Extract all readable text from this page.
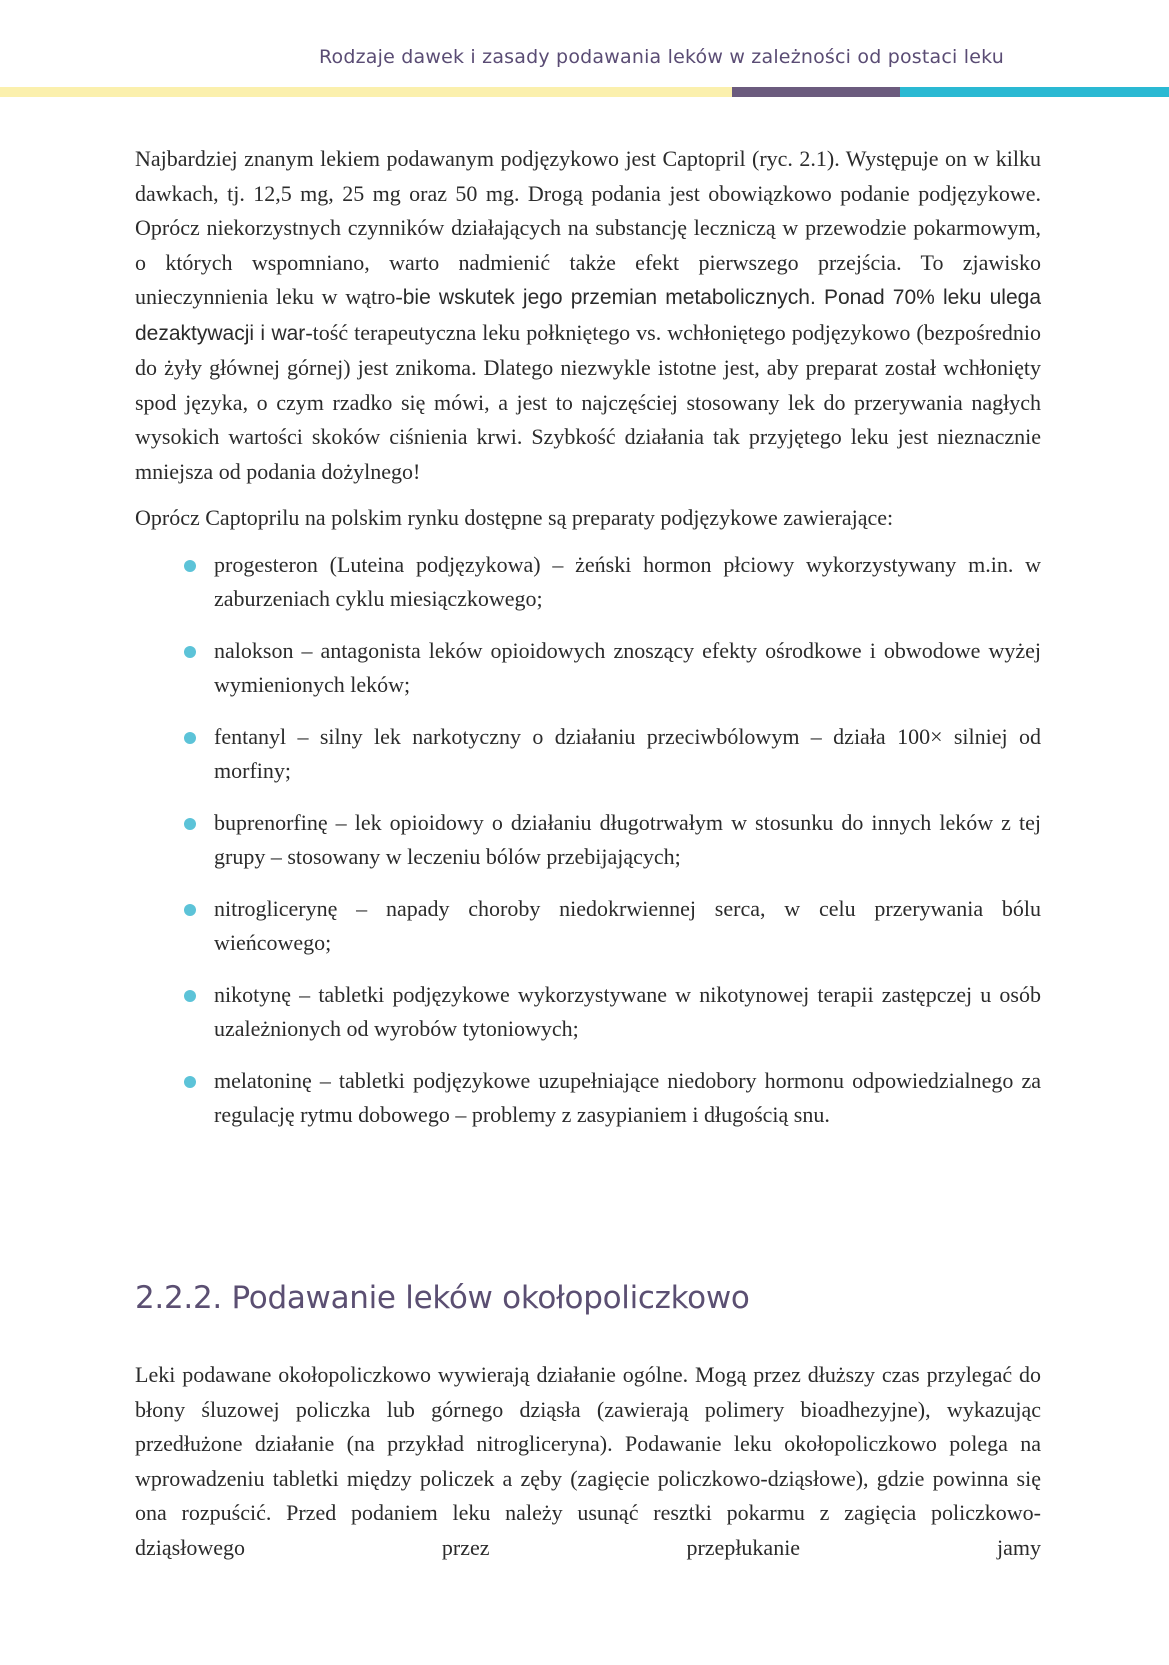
Rodzaje dawek i zasady podawania leków w zależności od postaci leku

Najbardziej znanym lekiem podawanym podjęzykowo jest Captopril (ryc. 2.1). Występuje on w kilku dawkach, tj. 12,5 mg, 25 mg oraz 50 mg. Drogą podania jest obowiązkowo podanie podjęzykowe. Oprócz niekorzystnych czynników działających na substancję leczniczą w przewodzie pokarmowym, o których wspomniano, warto nadmienić także efekt pierwszego przejścia. To zjawisko unieczynnienia leku w wątro-bie wskutek jego przemian metabolicznych. Ponad 70% leku ulega dezaktywacji i war-tość terapeutyczna leku połkniętego vs. wchłoniętego podjęzykowo (bezpośrednio do żyły głównej górnej) jest znikoma. Dlatego niezwykle istotne jest, aby preparat został wchłonięty spod języka, o czym rzadko się mówi, a jest to najczęściej stosowany lek do przerywania nagłych wysokich wartości skoków ciśnienia krwi. Szybkość działania tak przyjętego leku jest nieznacznie mniejsza od podania dożylnego!

Oprócz Captoprilu na polskim rynku dostępne są preparaty podjęzykowe zawierające:

progesteron (Luteina podjęzykowa) – żeński hormon płciowy wykorzystywany m.in. w zaburzeniach cyklu miesiączkowego;
nalokson – antagonista leków opioidowych znoszący efekty ośrodkowe i obwodowe wyżej wymienionych leków;
fentanyl – silny lek narkotyczny o działaniu przeciwbólowym – działa 100× silniej od morfiny;
buprenorfinę – lek opioidowy o działaniu długotrwałym w stosunku do innych leków z tej grupy – stosowany w leczeniu bólów przebijających;
nitroglicerynę – napady choroby niedokrwiennej serca, w celu przerywania bólu wieńcowego;
nikotynę – tabletki podjęzykowe wykorzystywane w nikotynowej terapii zastępczej u osób uzależnionych od wyrobów tytoniowych;
melatoninę – tabletki podjęzykowe uzupełniające niedobory hormonu odpowiedzialnego za regulację rytmu dobowego – problemy z zasypianiem i długością snu.
2.2.2. Podawanie leków okołopoliczkowo

Leki podawane okołopoliczkowo wywierają działanie ogólne. Mogą przez dłuższy czas przylegać do błony śluzowej policzka lub górnego dziąsła (zawierają polimery bioadhezyjne), wykazując przedłużone działanie (na przykład nitrogliceryna). Podawanie leku okołopoliczkowo polega na wprowadzeniu tabletki między policzek a zęby (zagięcie policzkowo-dziąsłowe), gdzie powinna się ona rozpuścić. Przed podaniem leku należy usunąć resztki pokarmu z zagięcia policzkowo-dziąsłowego przez przepłukanie jamy
